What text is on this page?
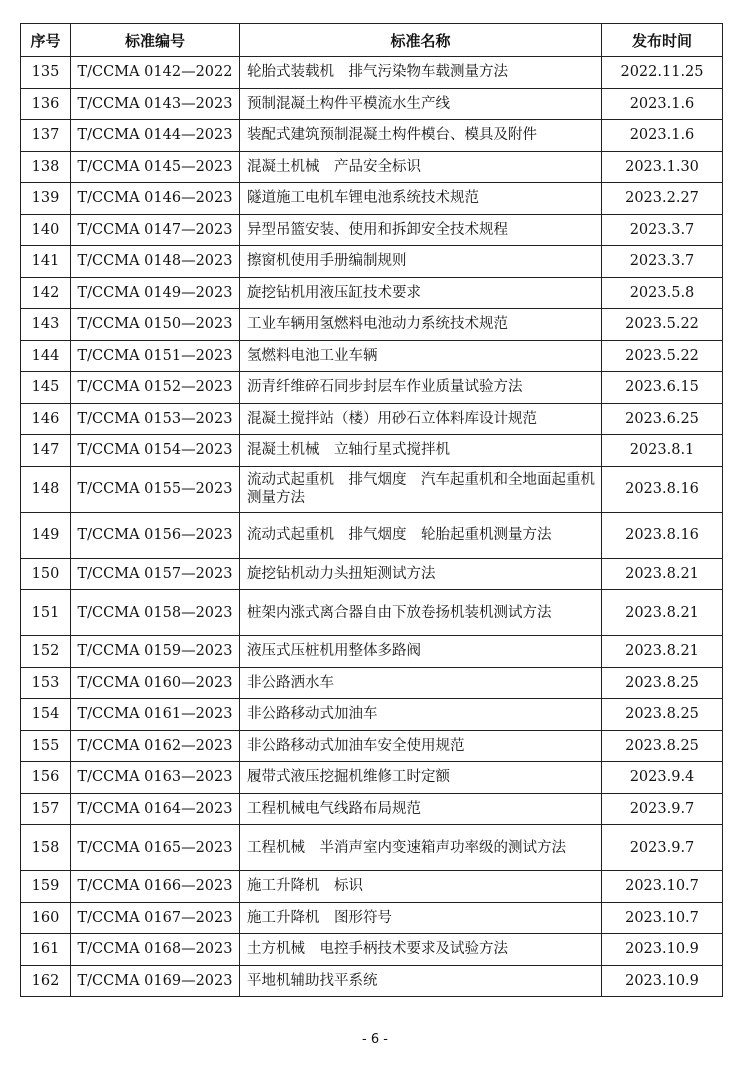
序号	标准编号	标准名称	发布时间
135	T/CCMA 0142—2022	轮胎式装载机　排气污染物车载测量方法	2022.11.25
136	T/CCMA 0143—2023	预制混凝土构件平模流水生产线	2023.1.6
137	T/CCMA 0144—2023	装配式建筑预制混凝土构件模台、模具及附件	2023.1.6
138	T/CCMA 0145—2023	混凝土机械　产品安全标识	2023.1.30
139	T/CCMA 0146—2023	隧道施工电机车锂电池系统技术规范	2023.2.27
140	T/CCMA 0147—2023	异型吊篮安装、使用和拆卸安全技术规程	2023.3.7
141	T/CCMA 0148—2023	擦窗机使用手册编制规则	2023.3.7
142	T/CCMA 0149—2023	旋挖钻机用液压缸技术要求	2023.5.8
143	T/CCMA 0150—2023	工业车辆用氢燃料电池动力系统技术规范	2023.5.22
144	T/CCMA 0151—2023	氢燃料电池工业车辆	2023.5.22
145	T/CCMA 0152—2023	沥青纤维碎石同步封层车作业质量试验方法	2023.6.15
146	T/CCMA 0153—2023	混凝土搅拌站（楼）用砂石立体料库设计规范	2023.6.25
147	T/CCMA 0154—2023	混凝土机械　立轴行星式搅拌机	2023.8.1
148	T/CCMA 0155—2023	流动式起重机　排气烟度　汽车起重机和全地面起重机测量方法	2023.8.16
149	T/CCMA 0156—2023	流动式起重机　排气烟度　轮胎起重机测量方法	2023.8.16
150	T/CCMA 0157—2023	旋挖钻机动力头扭矩测试方法	2023.8.21
151	T/CCMA 0158—2023	桩架内涨式离合器自由下放卷扬机装机测试方法	2023.8.21
152	T/CCMA 0159—2023	液压式压桩机用整体多路阀	2023.8.21
153	T/CCMA 0160—2023	非公路洒水车	2023.8.25
154	T/CCMA 0161—2023	非公路移动式加油车	2023.8.25
155	T/CCMA 0162—2023	非公路移动式加油车安全使用规范	2023.8.25
156	T/CCMA 0163—2023	履带式液压挖掘机维修工时定额	2023.9.4
157	T/CCMA 0164—2023	工程机械电气线路布局规范	2023.9.7
158	T/CCMA 0165—2023	工程机械　半消声室内变速箱声功率级的测试方法	2023.9.7
159	T/CCMA 0166—2023	施工升降机　标识	2023.10.7
160	T/CCMA 0167—2023	施工升降机　图形符号	2023.10.7
161	T/CCMA 0168—2023	土方机械　电控手柄技术要求及试验方法	2023.10.9
162	T/CCMA 0169—2023	平地机辅助找平系统	2023.10.9
- 6 -
